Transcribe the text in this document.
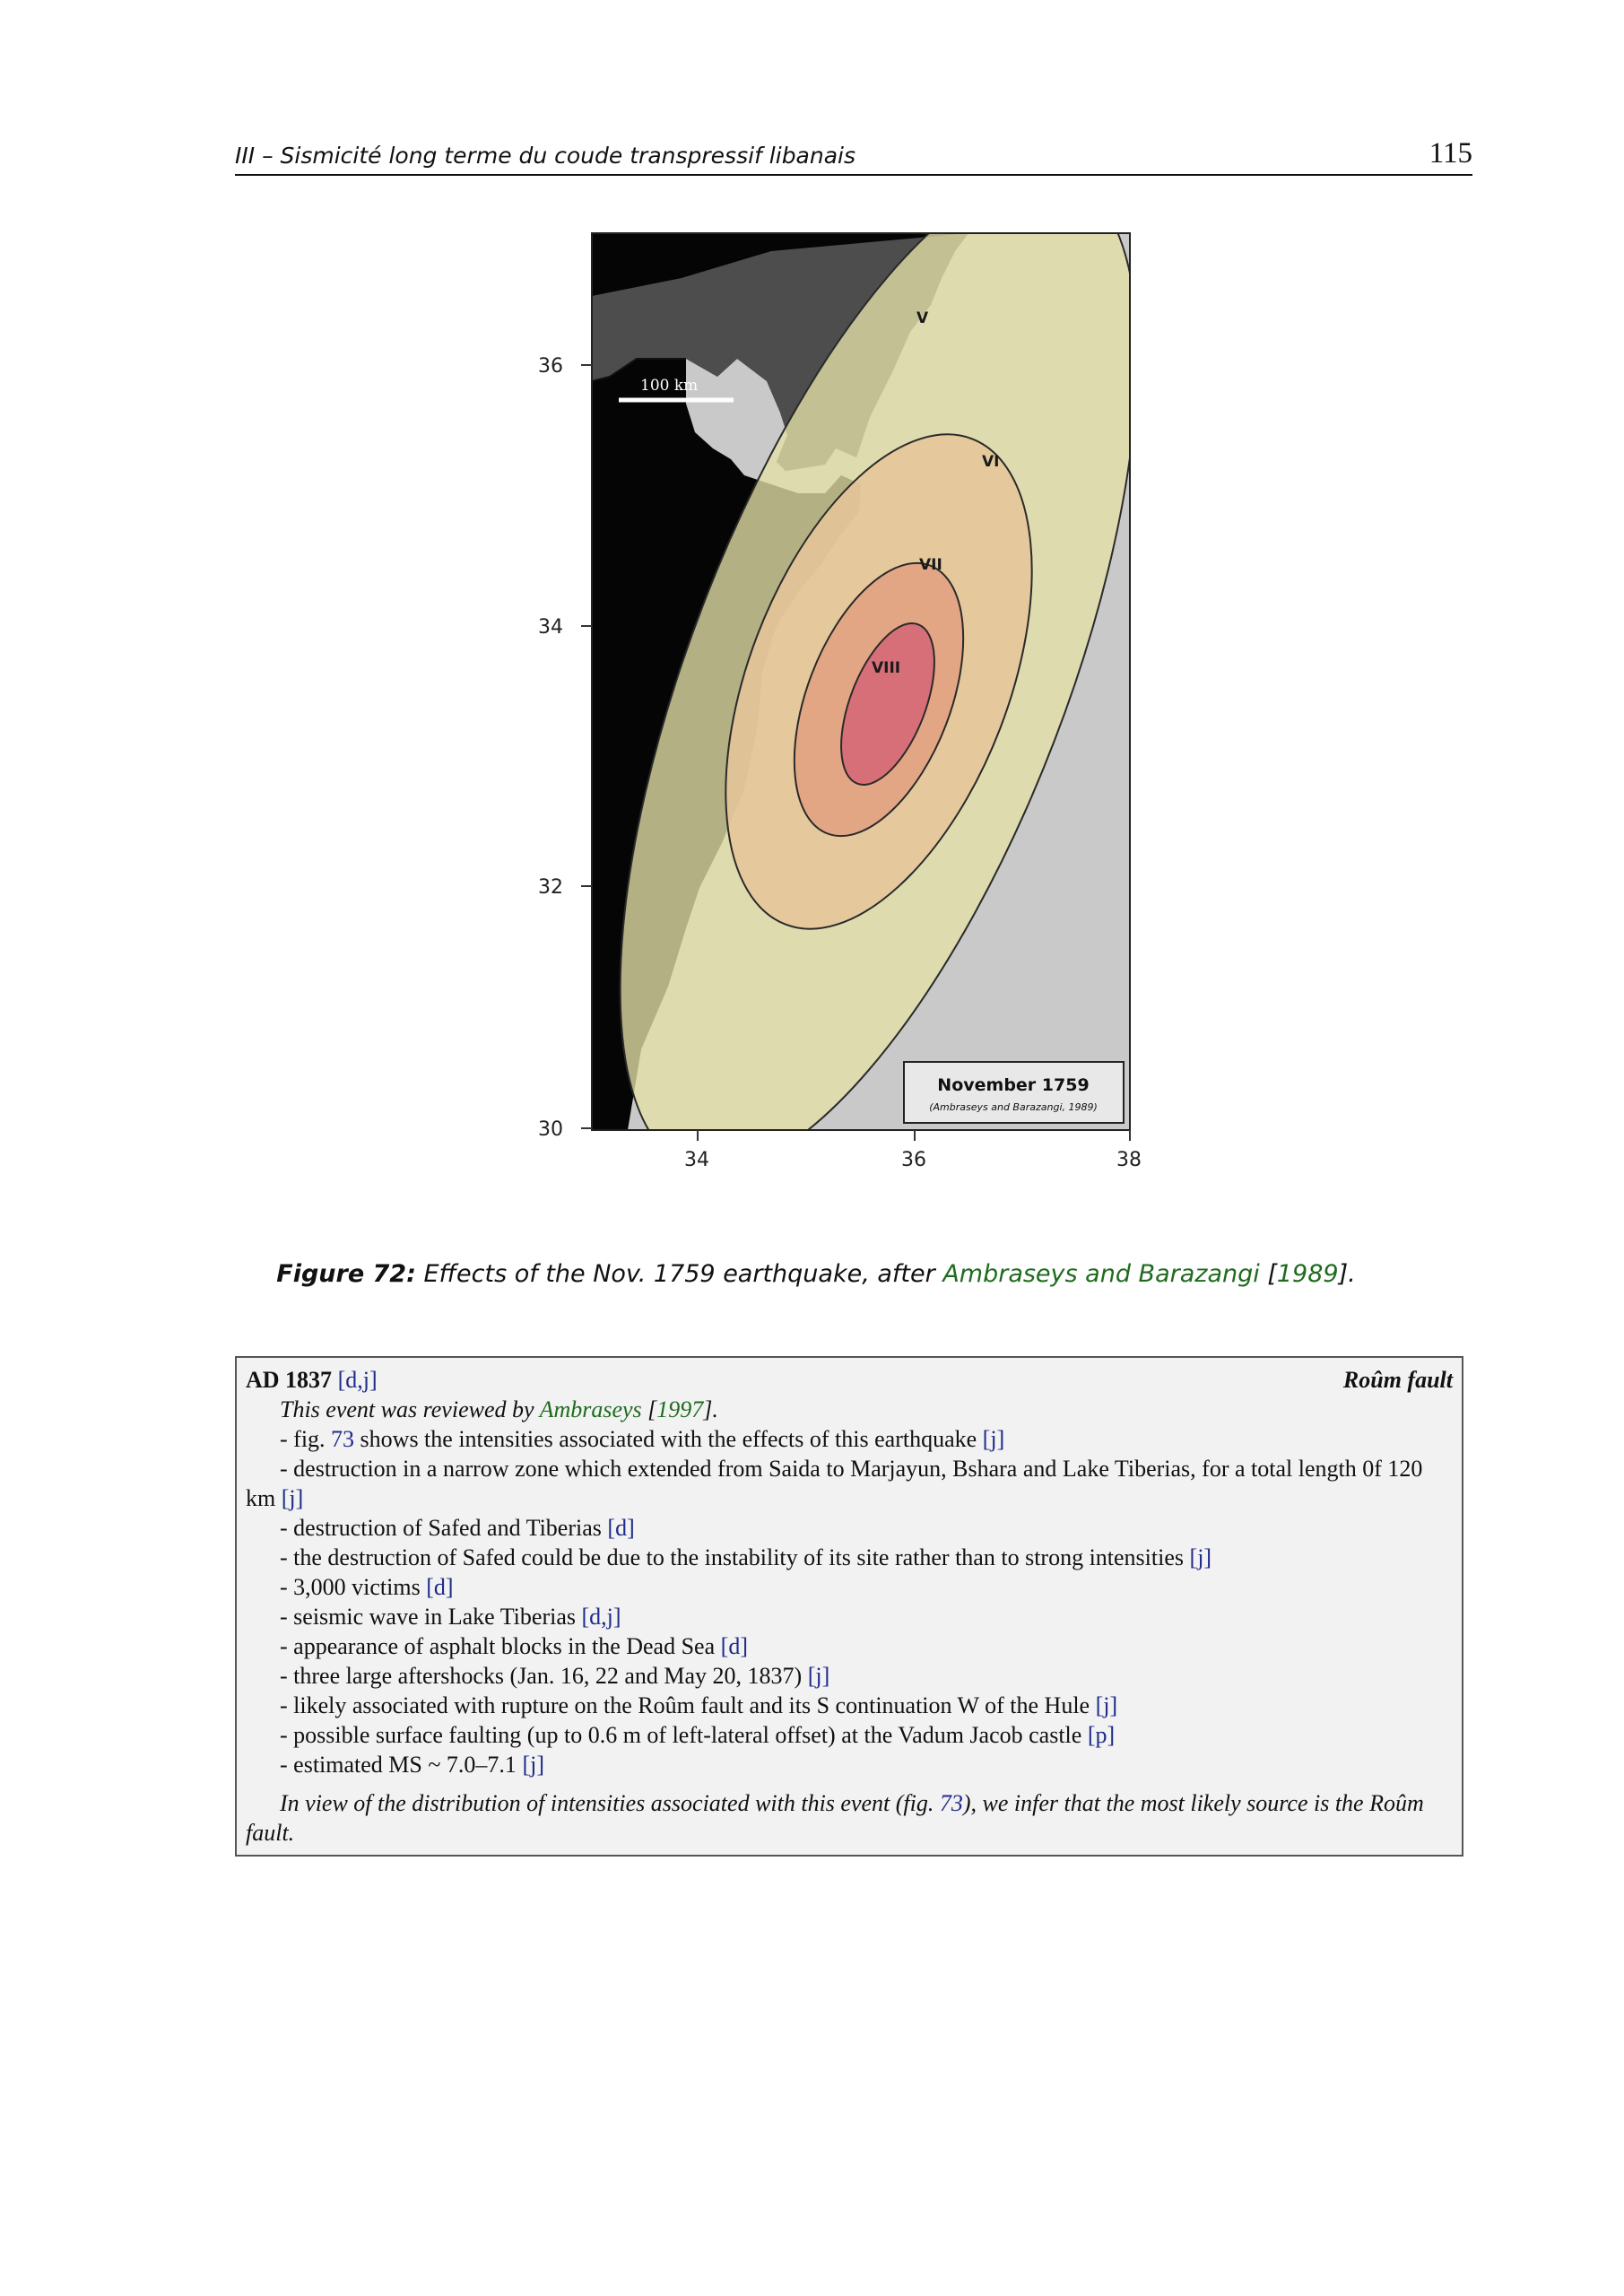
III – Sismicité long terme du coude transpressif libanais	115
V
VI
VII
VIII
100 km
November 1759
(Ambraseys and Barazangi, 1989)
36
34
32
30
34	36	38
Figure 72: Effects of the Nov. 1759 earthquake, after Ambraseys and Barazangi [1989].
AD 1837 [d,j]	Roûm fault
This event was reviewed by Ambraseys [1997].
- fig. 73 shows the intensities associated with the effects of this earthquake [j]
- destruction in a narrow zone which extended from Saida to Marjayun, Bshara and Lake Tiberias, for a total length 0f 120 km [j]
- destruction of Safed and Tiberias [d]
- the destruction of Safed could be due to the instability of its site rather than to strong intensities [j]
- 3,000 victims [d]
- seismic wave in Lake Tiberias [d,j]
- appearance of asphalt blocks in the Dead Sea [d]
- three large aftershocks (Jan. 16, 22 and May 20, 1837) [j]
- likely associated with rupture on the Roûm fault and its S continuation W of the Hule [j]
- possible surface faulting (up to 0.6 m of left-lateral offset) at the Vadum Jacob castle [p]
- estimated MS ~ 7.0–7.1 [j]
In view of the distribution of intensities associated with this event (fig. 73), we infer that the most likely source is the Roûm fault.
